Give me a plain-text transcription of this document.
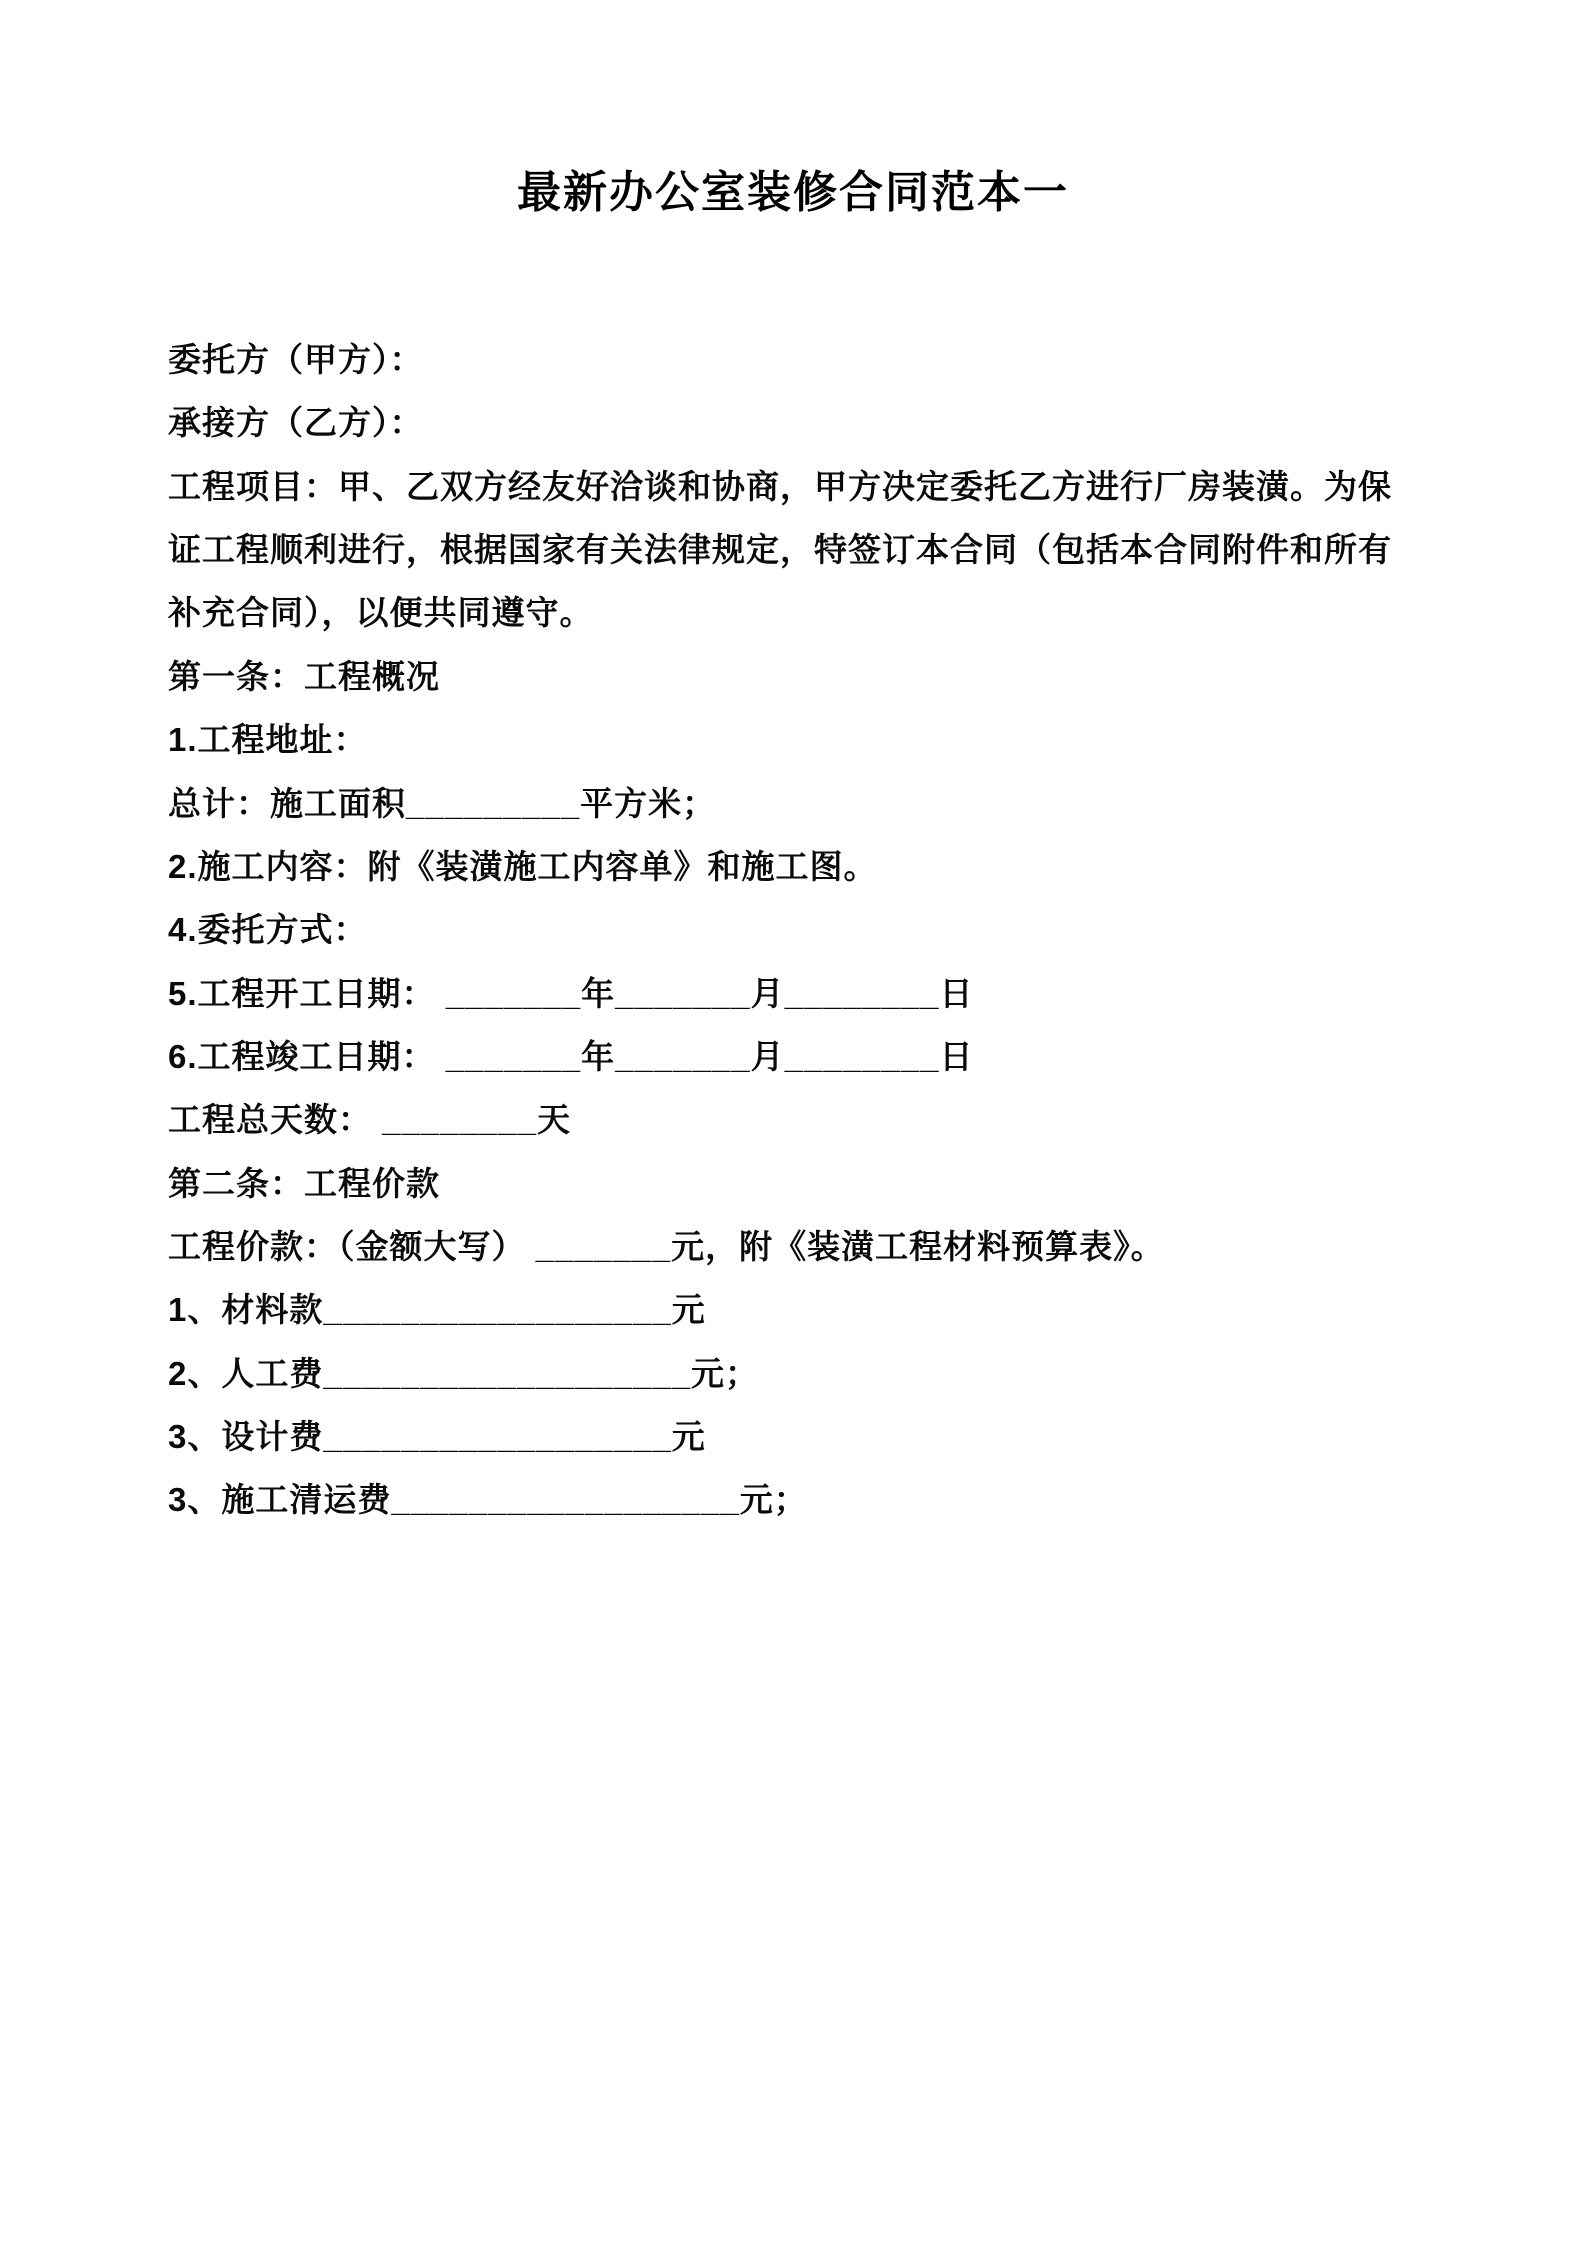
最新办公室装修合同范本一

委托方（甲方）：

承接方（乙方）：

工程项目：甲、乙双方经友好洽谈和协商，甲方决定委托乙方进行厂房装潢。为保证工程顺利进行，根据国家有关法律规定，特签订本合同（包括本合同附件和所有补充合同），以便共同遵守。

第一条：工程概况

1.工程地址：

总计：施工面积_________平方米；

2.施工内容：附《装潢施工内容单》和施工图。

4.委托方式：

5.工程开工日期： _______年_______月________日

6.工程竣工日期： _______年_______月________日

工程总天数： ________天

第二条：工程价款

工程价款：（金额大写） _______元，附《装潢工程材料预算表》。

1、材料款__________________元

2、人工费___________________元；

3、设计费__________________元

3、施工清运费__________________元；
